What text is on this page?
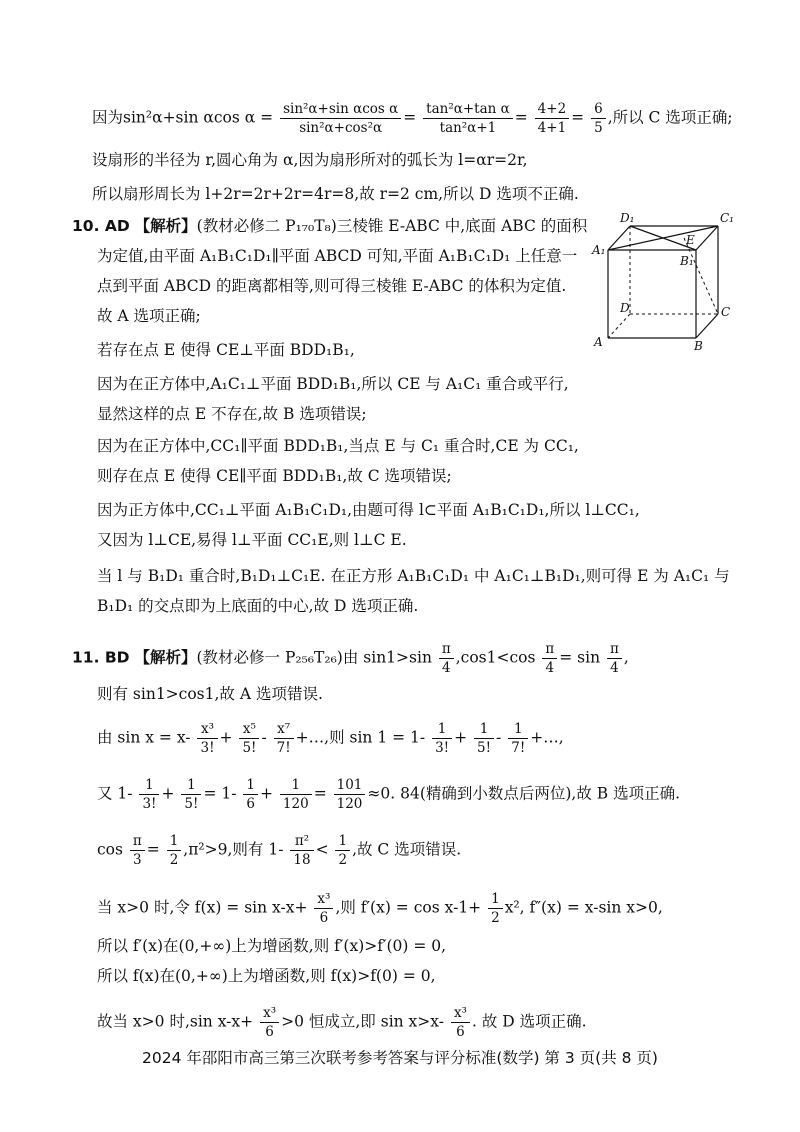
因为sin²α+sin αcos $\alpha = \frac{\text{sin²α+sin αcos α}}{\text{sin²α+cos²α}} = \frac{\text{tan²α+tan α}}{\text{tan²α+1}} = \frac{4+2}{4+1} = \frac{6}{5}$ ,所以 C 选项正确;
设扇形的半径为 r,圆心角为 α,因为扇形所对的弧长为 l=αr=2r,
所以扇形周长为 l+2r=2r+2r=4r=8,故 r=2 cm,所以 D 选项不正确.
10. AD 【解析】(教材必修二 P₁₇₀T₈)三棱锥 E-ABC 中,底面 ABC 的面积
为定值,由平面 A₁B₁C₁D₁∥平面 ABCD 可知,平面 A₁B₁C₁D₁ 上任意一
点到平面 ABCD 的距离都相等,则可得三棱锥 E-ABC 的体积为定值.
故 A 选项正确;
若存在点 E 使得 CE⊥平面 BDD₁B₁,
因为在正方体中,A₁C₁⊥平面 BDD₁B₁,所以 CE 与 A₁C₁ 重合或平行,
显然这样的点 E 不存在,故 B 选项错误;
因为在正方体中,CC₁∥平面 BDD₁B₁,当点 E 与 C₁ 重合时,CE 为 CC₁,
则存在点 E 使得 CE∥平面 BDD₁B₁,故 C 选项错误;
因为正方体中,CC₁⊥平面 A₁B₁C₁D₁,由题可得 l⊂平面 A₁B₁C₁D₁,所以 l⊥CC₁,
又因为 l⊥CE,易得 l⊥平面 CC₁E,则 l⊥C E.
当 l 与 B₁D₁ 重合时,B₁D₁⊥C₁E. 在正方形 A₁B₁C₁D₁ 中 A₁C₁⊥B₁D₁,则可得 E 为 A₁C₁ 与
B₁D₁ 的交点即为上底面的中心,故 D 选项正确.
D₁	C₁
A₁
B₁
E
D	C
A	B
11. BD 【解析】(教材必修一 P₂₅₆T₂₆)由 $\sin 1>\sin \frac{\pi}{4} ,\cos 1<\cos \frac{\pi}{4} = \sin \frac{\pi}{4}$ ,
则有 sin1>cos1,故 A 选项错误.
由 $\sin x = x- \frac{\text{x³}}{3!} + \frac{\text{x⁵}}{5!} - \frac{\text{x⁷}}{7!}$ +…,则 $\sin 1 = 1- \frac{1}{3!} + \frac{1}{5!} - \frac{1}{7!}$ +…,
又 $1- \frac{1}{3!} + \frac{1}{5!} = 1- \frac{1}{6} + \frac{1}{120} = \frac{101}{120} \approx 0$. 84(精确到小数点后两位),故 B 选项正确.
$\cos \frac{\pi}{3} = \frac{1}{2} ,\pi^2>9$,则有 $1- \frac{\text{π²}}{18} < \frac{1}{2}$ ,故 C 选项错误.
当 x>0 时,令 $f(x) = \sin x-x+ \frac{\text{x³}}{6}$ ,则 $f'(x) = \cos x-1+ \frac{1}{2} x^2$, f″(x) = x-sin x>0,
所以 f′(x)在(0,+∞)上为增函数,则 f′(x)>f′(0) = 0,
所以 f(x)在(0,+∞)上为增函数,则 f(x)>f(0) = 0,
故当 x>0 时,sin $x-x+ \frac{\text{x³}}{6} >0$ 恒成立,即 $\sin x>x- \frac{\text{x³}}{6}$ . 故 D 选项正确.
2024 年邵阳市高三第三次联考参考答案与评分标准(数学) 第 3 页(共 8 页)
